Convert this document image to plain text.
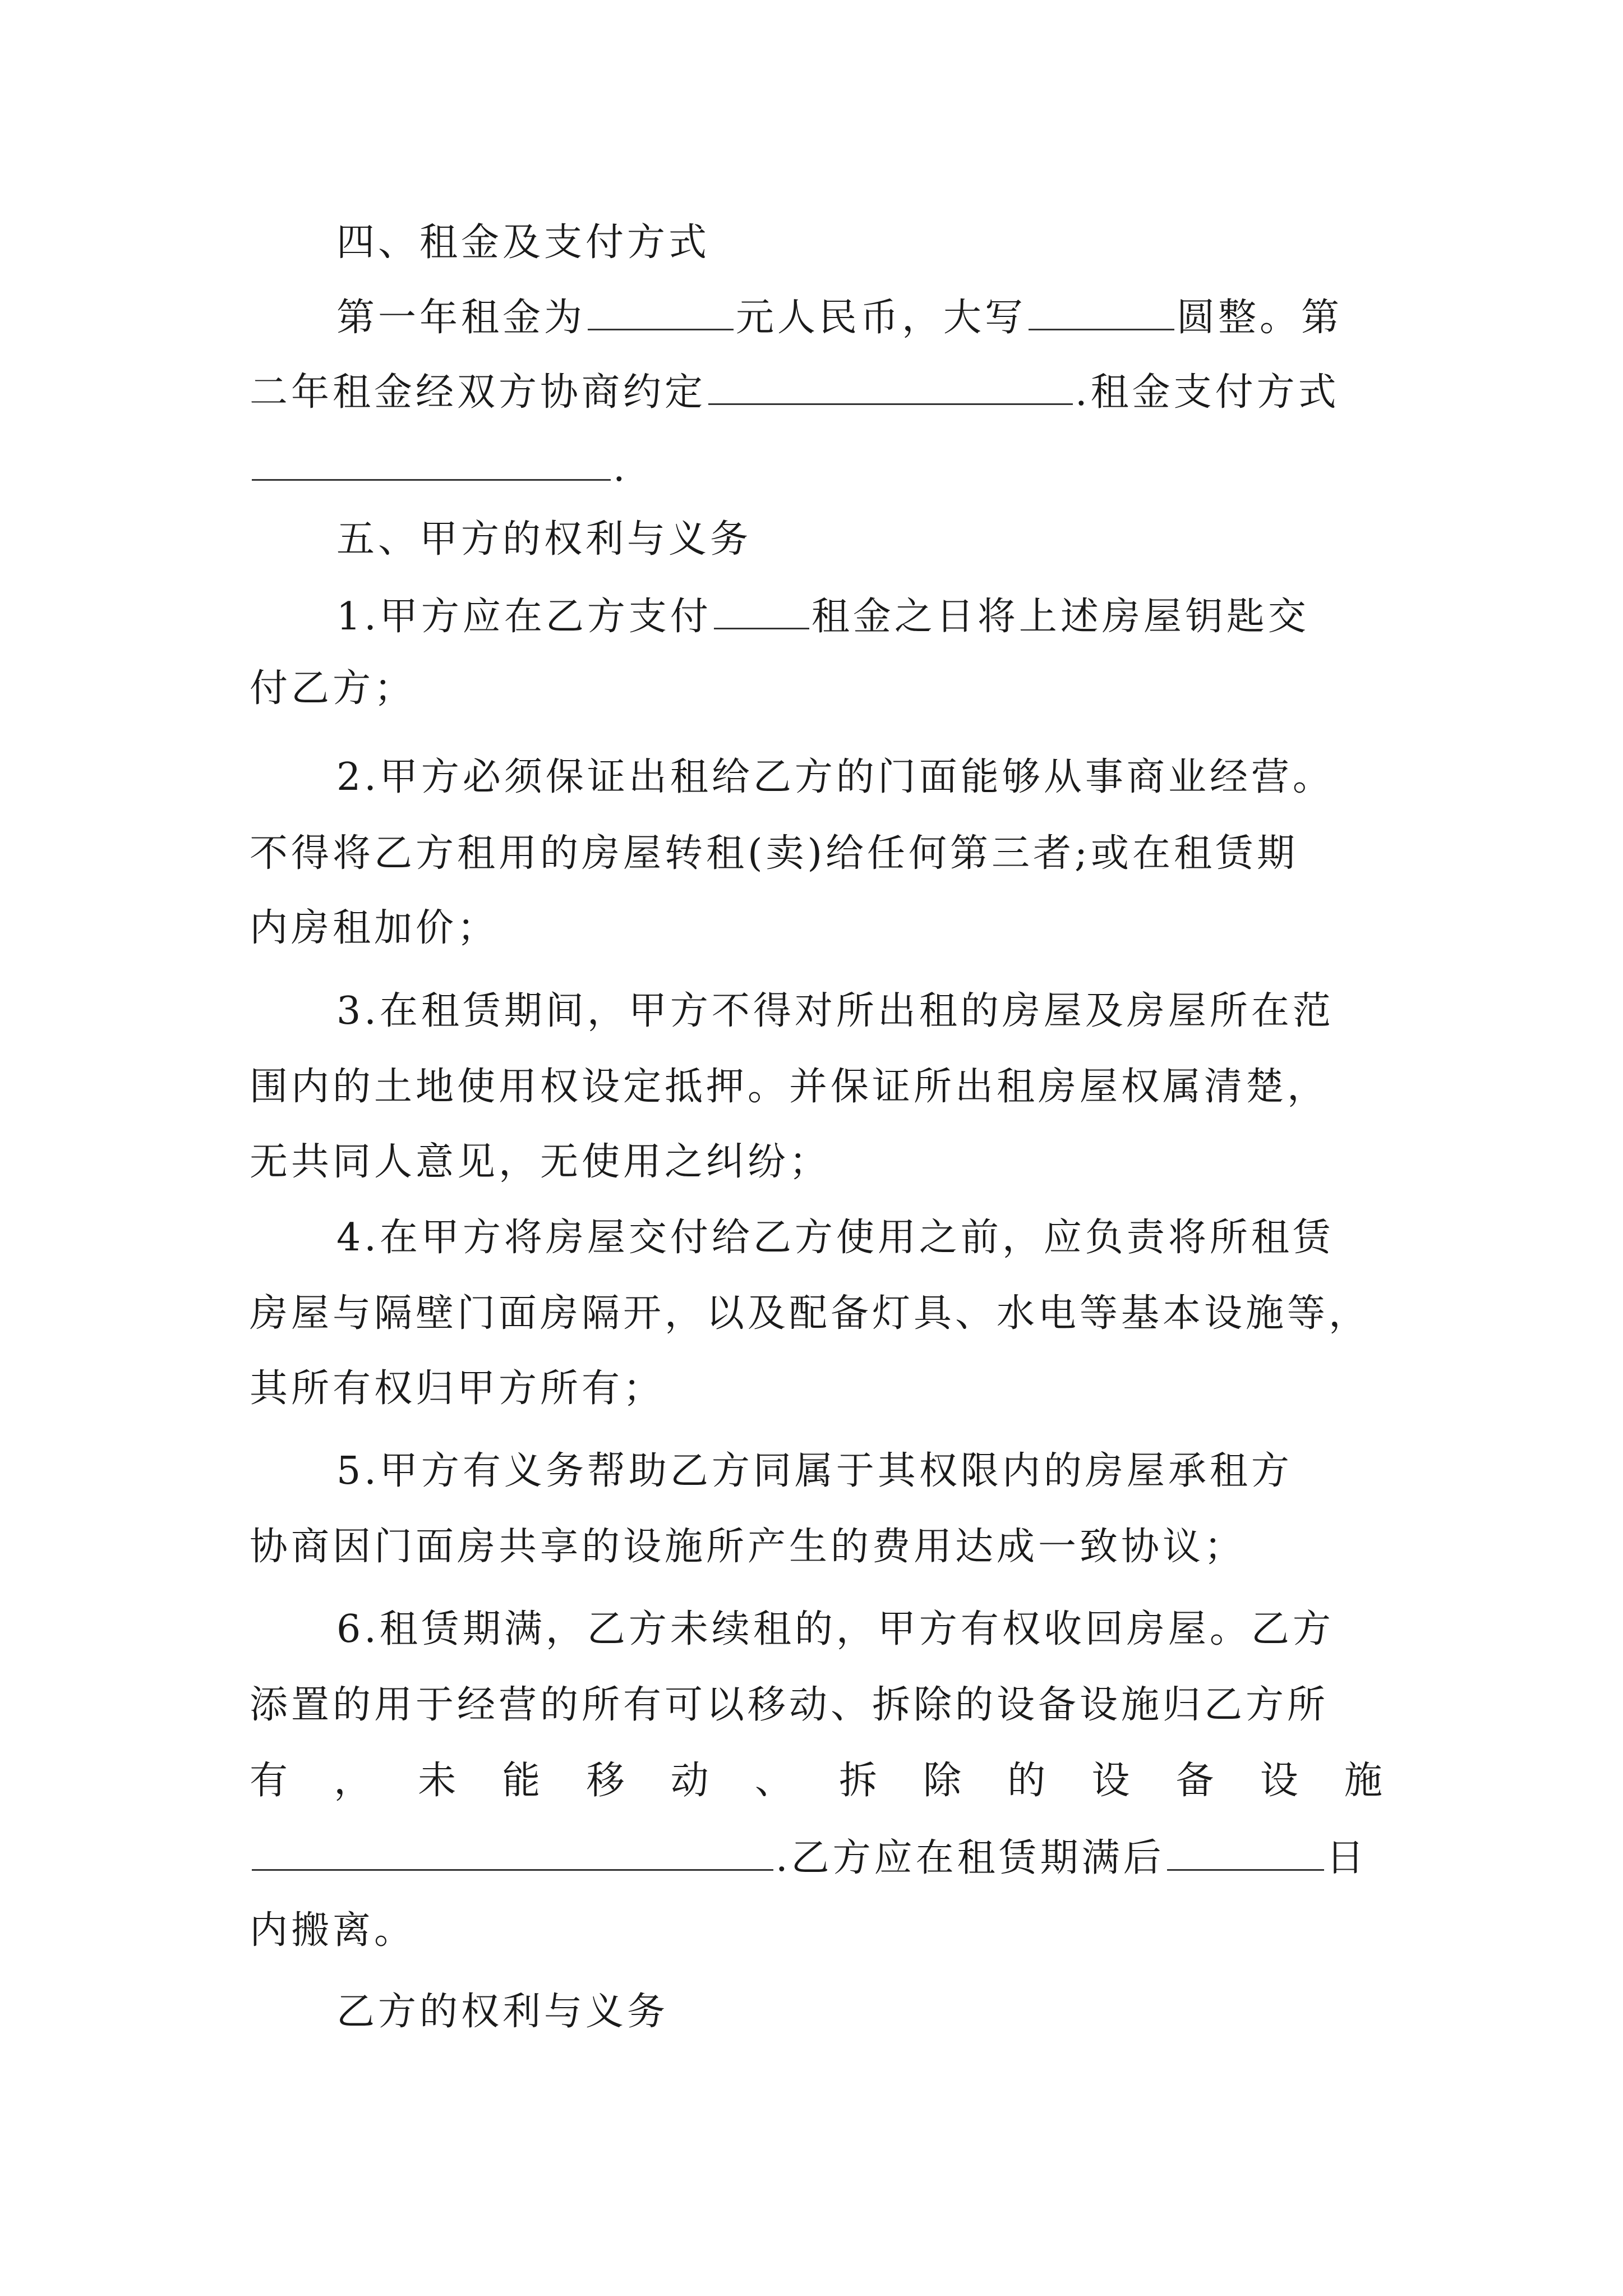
四、租金及支付方式
第一年租金为	元人民币，大写	圆整。第
二年租金经双方协商约定	.租金支付方式
.
五、甲方的权利与义务
1.甲方应在乙方支付	租金之日将上述房屋钥匙交
付乙方；
2.甲方必须保证出租给乙方的门面能够从事商业经营。
不得将乙方租用的房屋转租(卖)给任何第三者;或在租赁期
内房租加价；
3.在租赁期间，甲方不得对所出租的房屋及房屋所在范
围内的土地使用权设定抵押。并保证所出租房屋权属清楚，
无共同人意见，无使用之纠纷；
4.在甲方将房屋交付给乙方使用之前，应负责将所租赁
房屋与隔壁门面房隔开，以及配备灯具、水电等基本设施等，
其所有权归甲方所有；
5.甲方有义务帮助乙方同属于其权限内的房屋承租方
协商因门面房共享的设施所产生的费用达成一致协议；
6.租赁期满，乙方未续租的，甲方有权收回房屋。乙方
添置的用于经营的所有可以移动、拆除的设备设施归乙方所
有 ， 未 能 移 动 、 拆 除 的 设 备 设 施
.乙方应在租赁期满后	日
内搬离。
乙方的权利与义务
